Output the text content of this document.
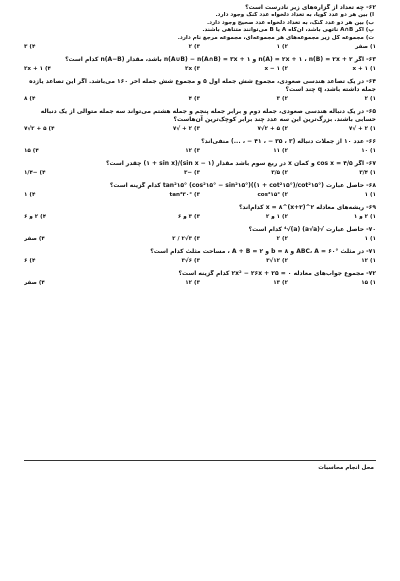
۶۲- چه تعداد از گزاره‌های زیر نادرست است؟
آ) بین هر دو عدد گویا، به تعداد دلخواه عدد گنگ وجود دارد.
ب) بین هر دو عدد گنگ، به تعداد دلخواه عدد صحیح وجود دارد.
پ) اگر A∩B ناتهی باشد، آن‌گاه A یا B می‌توانند متناهی باشند.
ت) مجموعه کل زیر مجموعه‌های هر مجموعه‌ای، مجموعه مرجع نام دارد.
۱) صفر
۲) ۱
۳) ۲
۴) ۳
۶۳- اگر n(A) = ۲x + ۱ ، n(B) = ۲x + ۲ و n(A∪B) − n(A∩B) = ۳x + ۱ باشد، مقدار n(A−B) کدام است؟
۱) x + ۱
۲) x − ۱
۳) ۲x
۴) ۲x + ۱
۶۴- در یک تصاعد هندسی صعودی، مجموع شش جمله اول ۵ و مجموع شش جمله آخر ۱۶۰ می‌باشد. اگر این تصاعد یازده جمله داشته باشد، q چند است؟
۱) ۲
۲) ۳
۳) ۴
۴) ۸
۶۵- در یک دنباله هندسی صعودی، جمله دوم و برابر جمله پنجم و جمله هشتم می‌تواند سه جمله متوالی از یک دنباله حسابی باشند. بزرگ‌ترین این سه عدد چند برابر کوچک‌ترین آن‌هاست؟
۱) ۲ + √۷
۲) ۵ + ۲√۷
۳) ۲ + √۷
۴) ۵ + ۲√۷
۶۶- عدد ۱۰ از جملات دنباله (۳ ، ۳۵ − ، ۴۱ − ، ...) منفی‌اند؟
۱) ۱۰
۲) ۱۱
۳) ۱۲
۴) ۱۵
۶۷- اگر cos x = ۴/۵ و کمان x در ربع سوم باشد مقدار (۱ − sin x)/(۱ + sin x) چقدر است؟
۱) ۳/۴
۲) ۳/۵
۳) −۳
۴) −۱/۴
۶۸- حاصل عبارت tan²۱۵° (cos²۱۵° − sin²۱۵°)((۱ + cot²۱۵°)/cot²۱۵°) کدام گزینه است؟
۱) ۱
۲) cos²۱۵°
۳) tan²۳۰°
۴) ۱
۶۹- ریشه‌های معادله ۲^x = ۸^(x+۲) کدام‌اند؟
۱) ۲ و ۱
۲) ۱ و ۲
۳) ۳ و ۶
۴) ۲ و ۶
۷۰- حاصل عبارت √(a√a) ⁴√(a) کدام است؟
۱) ۱
۲) ۲
۳) ۳√۲ / ۲
۴) صفر
۷۱- در مثلث ABC، A = ۶۰° و b = ۸ و A + B = ۲ ، مساحت مثلث کدام است؟
۱) ۱۲
۲) ۱۲√۳
۳) ۶√۳
۴) ۶
۷۲- مجموع جواب‌های معادله ۲x² − ۲۶x + ۲۵ = ۰ کدام گزینه است؟
۱) ۱۵
۲) ۱۳
۳) ۱۲
۴) صفر
محل انجام محاسبات
